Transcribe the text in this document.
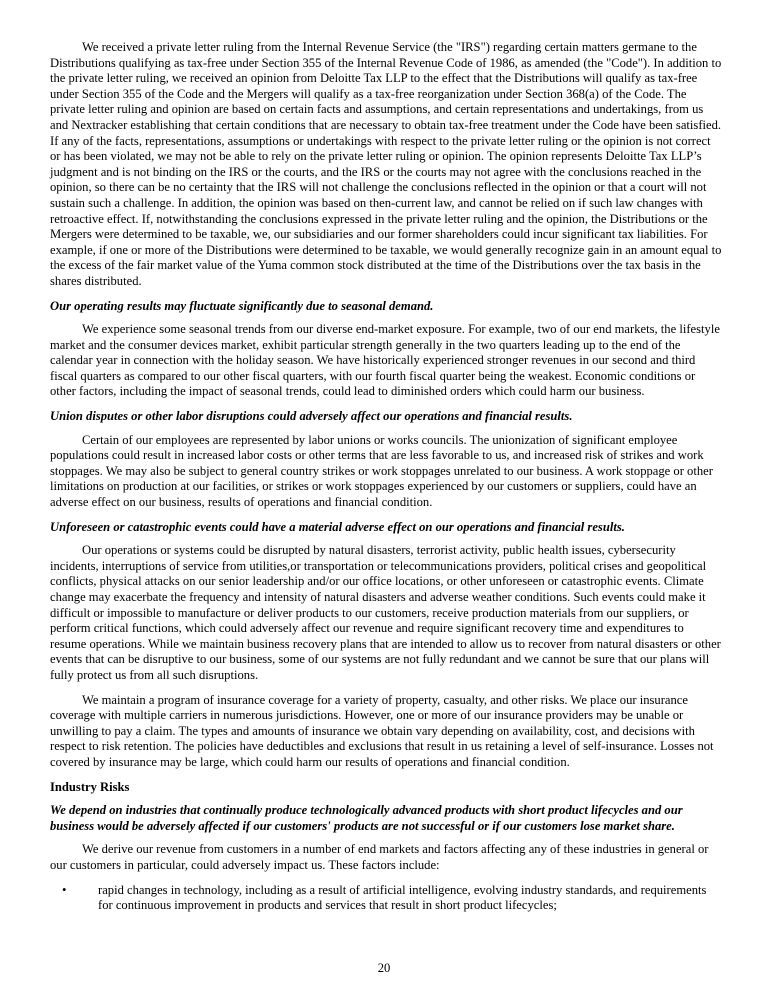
We received a private letter ruling from the Internal Revenue Service (the "IRS") regarding certain matters germane to the Distributions qualifying as tax-free under Section 355 of the Internal Revenue Code of 1986, as amended (the "Code"). In addition to the private letter ruling, we received an opinion from Deloitte Tax LLP to the effect that the Distributions will qualify as tax-free under Section 355 of the Code and the Mergers will qualify as a tax-free reorganization under Section 368(a) of the Code. The private letter ruling and opinion are based on certain facts and assumptions, and certain representations and undertakings, from us and Nextracker establishing that certain conditions that are necessary to obtain tax-free treatment under the Code have been satisfied. If any of the facts, representations, assumptions or undertakings with respect to the private letter ruling or the opinion is not correct or has been violated, we may not be able to rely on the private letter ruling or opinion. The opinion represents Deloitte Tax LLP’s judgment and is not binding on the IRS or the courts, and the IRS or the courts may not agree with the conclusions reached in the opinion, so there can be no certainty that the IRS will not challenge the conclusions reflected in the opinion or that a court will not sustain such a challenge. In addition, the opinion was based on then-current law, and cannot be relied on if such law changes with retroactive effect. If, notwithstanding the conclusions expressed in the private letter ruling and the opinion, the Distributions or the Mergers were determined to be taxable, we, our subsidiaries and our former shareholders could incur significant tax liabilities. For example, if one or more of the Distributions were determined to be taxable, we would generally recognize gain in an amount equal to the excess of the fair market value of the Yuma common stock distributed at the time of the Distributions over the tax basis in the shares distributed.

Our operating results may fluctuate significantly due to seasonal demand.

We experience some seasonal trends from our diverse end-market exposure. For example, two of our end markets, the lifestyle market and the consumer devices market, exhibit particular strength generally in the two quarters leading up to the end of the calendar year in connection with the holiday season. We have historically experienced stronger revenues in our second and third fiscal quarters as compared to our other fiscal quarters, with our fourth fiscal quarter being the weakest. Economic conditions or other factors, including the impact of seasonal trends, could lead to diminished orders which could harm our business.

Union disputes or other labor disruptions could adversely affect our operations and financial results.

Certain of our employees are represented by labor unions or works councils. The unionization of significant employee populations could result in increased labor costs or other terms that are less favorable to us, and increased risk of strikes and work stoppages. We may also be subject to general country strikes or work stoppages unrelated to our business. A work stoppage or other limitations on production at our facilities, or strikes or work stoppages experienced by our customers or suppliers, could have an adverse effect on our business, results of operations and financial condition.

Unforeseen or catastrophic events could have a material adverse effect on our operations and financial results.

Our operations or systems could be disrupted by natural disasters, terrorist activity, public health issues, cybersecurity incidents, interruptions of service from utilities,or transportation or telecommunications providers, political crises and geopolitical conflicts, physical attacks on our senior leadership and/or our office locations, or other unforeseen or catastrophic events. Climate change may exacerbate the frequency and intensity of natural disasters and adverse weather conditions. Such events could make it difficult or impossible to manufacture or deliver products to our customers, receive production materials from our suppliers, or perform critical functions, which could adversely affect our revenue and require significant recovery time and expenditures to resume operations. While we maintain business recovery plans that are intended to allow us to recover from natural disasters or other events that can be disruptive to our business, some of our systems are not fully redundant and we cannot be sure that our plans will fully protect us from all such disruptions.

We maintain a program of insurance coverage for a variety of property, casualty, and other risks. We place our insurance coverage with multiple carriers in numerous jurisdictions. However, one or more of our insurance providers may be unable or unwilling to pay a claim. The types and amounts of insurance we obtain vary depending on availability, cost, and decisions with respect to risk retention. The policies have deductibles and exclusions that result in us retaining a level of self-insurance. Losses not covered by insurance may be large, which could harm our results of operations and financial condition.

Industry Risks

We depend on industries that continually produce technologically advanced products with short product lifecycles and our business would be adversely affected if our customers' products are not successful or if our customers lose market share.

We derive our revenue from customers in a number of end markets and factors affecting any of these industries in general or our customers in particular, could adversely impact us. These factors include:

•	rapid changes in technology, including as a result of artificial intelligence, evolving industry standards, and requirements for continuous improvement in products and services that result in short product lifecycles;
20
